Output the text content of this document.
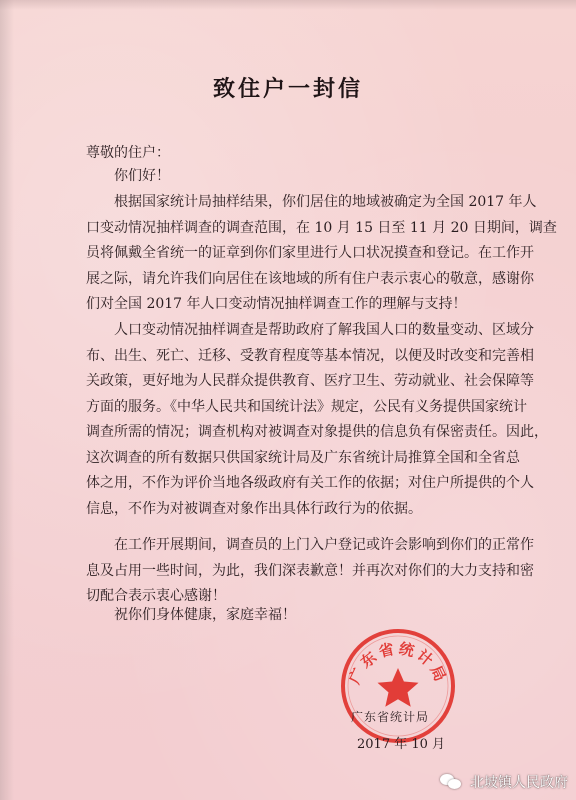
致住户一封信
尊敬的住户：
你们好！
根据国家统计局抽样结果，你们居住的地域被确定为全国 2017 年人
口变动情况抽样调查的调查范围，在 10 月 15 日至 11 月 20 日期间，调查
员将佩戴全省统一的证章到你们家里进行人口状况摸查和登记。在工作开
展之际，请允许我们向居住在该地域的所有住户表示衷心的敬意，感谢你
们对全国 2017 年人口变动情况抽样调查工作的理解与支持！
人口变动情况抽样调查是帮助政府了解我国人口的数量变动、区域分
布、出生、死亡、迁移、受教育程度等基本情况，以便及时改变和完善相
关政策，更好地为人民群众提供教育、医疗卫生、劳动就业、社会保障等
方面的服务。《中华人民共和国统计法》规定，公民有义务提供国家统计
调查所需的情况；调查机构对被调查对象提供的信息负有保密责任。因此，
这次调查的所有数据只供国家统计局及广东省统计局推算全国和全省总
体之用，不作为评价当地各级政府有关工作的依据；对住户所提供的个人
信息，不作为对被调查对象作出具体行政行为的依据。
在工作开展期间，调查员的上门入户登记或许会影响到你们的正常作
息及占用一些时间，为此，我们深表歉意！并再次对你们的大力支持和密
切配合表示衷心感谢！
祝你们身体健康，家庭幸福！
广东省统计局
广东省统计局
2017 年 10 月
北坡镇人民政府
